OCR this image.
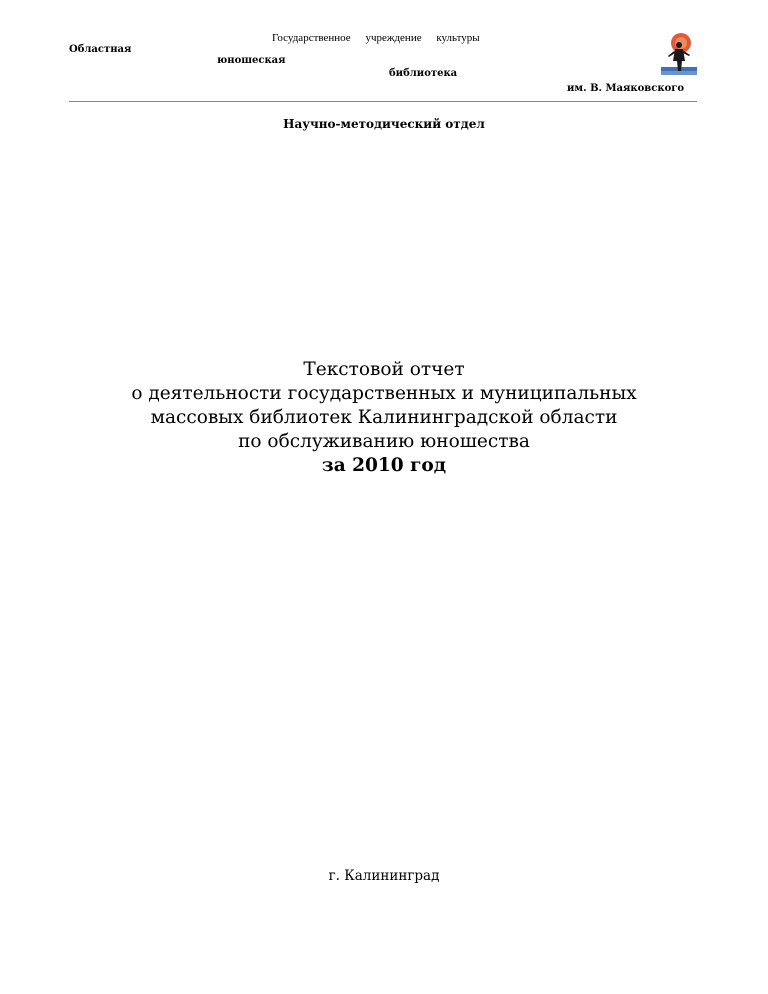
Государственное учреждение культуры
Областная
юношеская
библиотека
им. В. Маяковского
Научно-методический отдел
Текстовой отчет
о деятельности государственных и муниципальных
массовых библиотек Калининградской области
по обслуживанию юношества
за 2010 год
г. Калининград
